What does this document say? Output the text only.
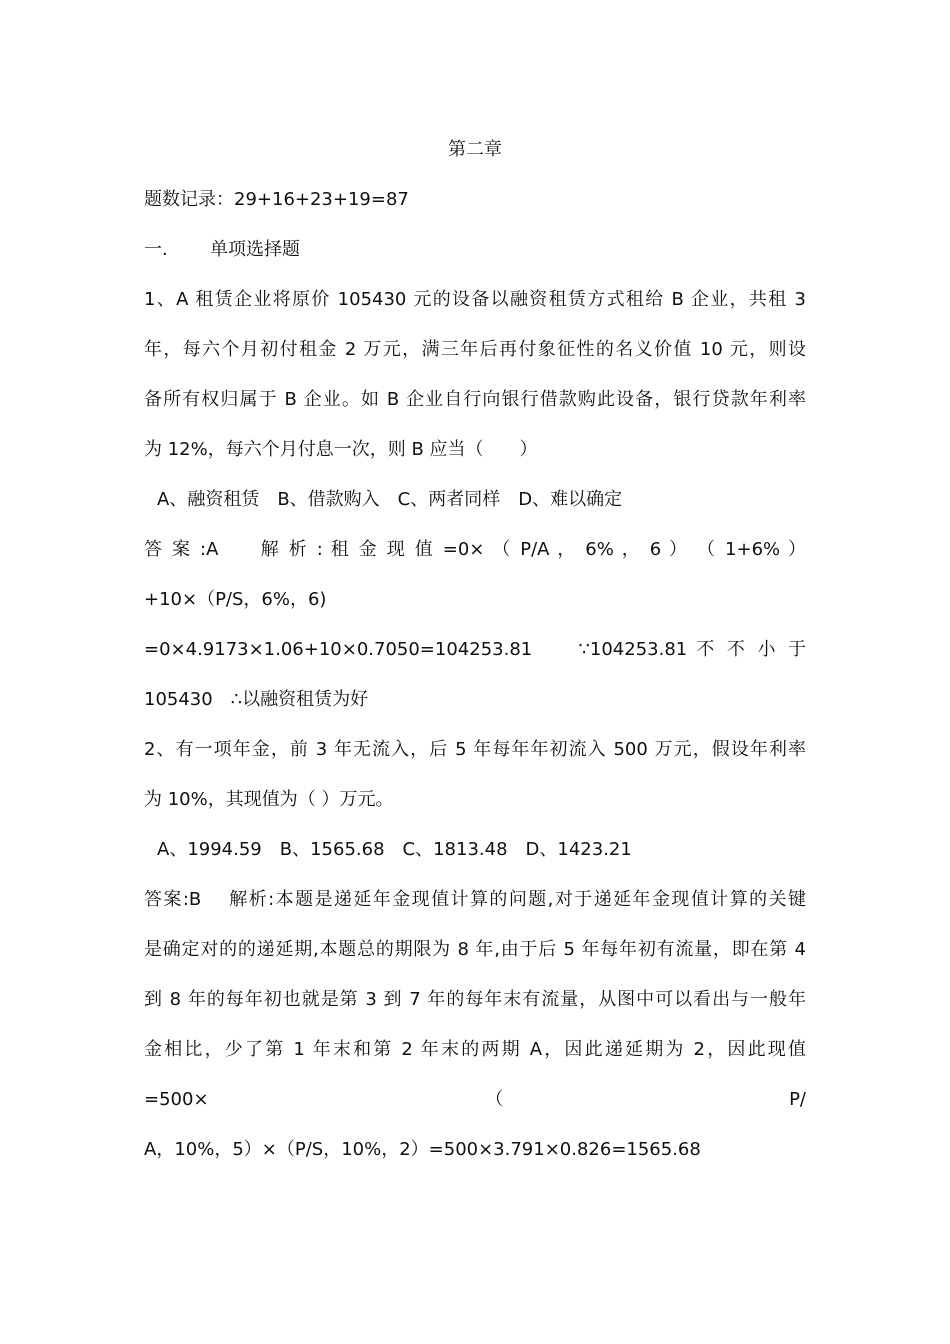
第二章
题数记录：29+16+23+19=87
一. 单项选择题
1、A 租赁企业将原价 105430 元的设备以融资租赁方式租给 B 企业，共租 3
年，每六个月初付租金 2 万元，满三年后再付象征性的名义价值 10 元，则设
备所有权归属于 B 企业。如 B 企业自行向银行借款购此设备，银行贷款年利率
为 12%，每六个月付息一次，则 B 应当（　　）
A、融资租赁　B、借款购入　C、两者同样　D、难以确定
答 案 :A　　解 析 : 租 金 现 值 =0× （ P/A ， 6% ， 6 ） （ 1+6% ）
+10×（P/S，6%，6)
=0×4.9173×1.06+10×0.7050=104253.81　　∵104253.81 不 不 小 于
105430　∴以融资租赁为好
2、有一项年金，前 3 年无流入，后 5 年每年年初流入 500 万元，假设年利率
为 10%，其现值为（ ）万元。
A、1994.59　B、1565.68　C、1813.48　D、1423.21
答案:B　 解析:本题是递延年金现值计算的问题,对于递延年金现值计算的关键
是确定对的的递延期,本题总的期限为 8 年,由于后 5 年每年初有流量，即在第 4
到 8 年的每年初也就是第 3 到 7 年的每年末有流量，从图中可以看出与一般年
金相比，少了第 1 年末和第 2 年末的两期 A，因此递延期为 2，因此现值
=500×　　　　　　　　　　　　　　　（　　　　　　　　　　　　　　　P/
A，10%，5）×（P/S，10%，2）=500×3.791×0.826=1565.68
